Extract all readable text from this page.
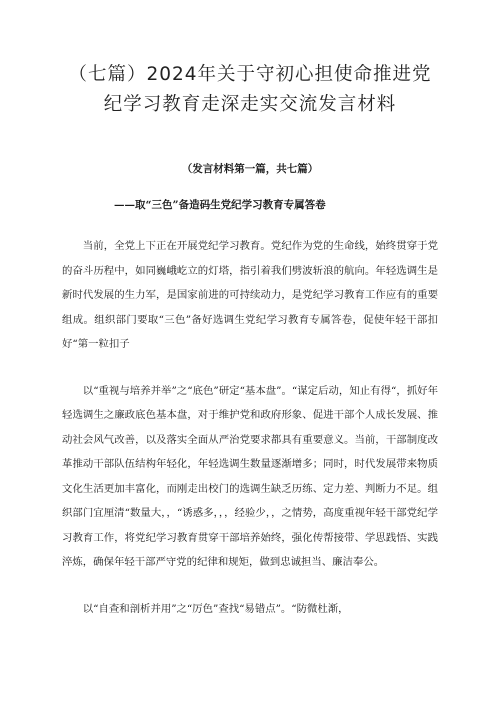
（七篇）2024年关于守初心担使命推进党
纪学习教育走深走实交流发言材料

（发言材料第一篇，共七篇）

——取“三色”备造码生党纪学习教育专属答卷

当前，全党上下正在开展党纪学习教育。党纪作为党的生命线，始终贯穿于党的奋斗历程中，如同巍峨屹立的灯塔，指引着我们劈波斩浪的航向。年轻选调生是新时代发展的生力军，是国家前进的可持续动力，是党纪学习教育工作应有的重要组成。组织部门要取“三色”备好选调生党纪学习教育专属答卷，促使年轻干部扣好“第一粒扣子

以“重视与培养并举”之“底色”研定“基本盘”。“谋定后动，知止有得“，抓好年轻选调生之廉政底色基本盘，对于维护党和政府形象、促进干部个人成长发展、推动社会风气改善，以及落实全面从严治党要求都具有重要意义。当前，干部制度改革推动干部队伍结构年轻化，年轻选调生数量逐渐增多；同时，时代发展带来物质文化生活更加丰富化，而刚走出校门的选调生缺乏历练、定力差、判断力不足。组织部门宜厘清“数量大，，“诱惑多，，，经验少，，之情势，高度重视年轻干部党纪学习教育工作，将党纪学习教育贯穿干部培养始终，强化传帮接带、学思践悟、实践淬炼，确保年轻干部严守党的纪律和规矩，做到忠诚担当、廉洁奉公。

以“自查和剖析并用”之“厉色”查找“易错点”。“防微杜渐，
